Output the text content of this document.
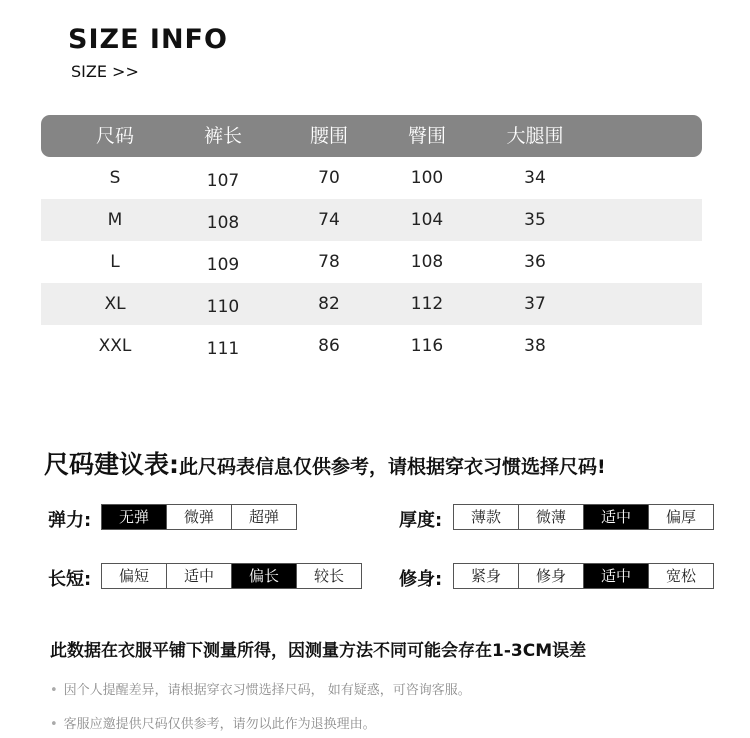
SIZE INFO
SIZE >>
尺码	裤长	腰围	臀围	大腿围
S	107	70	100	34
M	108	74	104	35
L	109	78	108	36
XL	110	82	112	37
XXL	111	86	116	38
尺码建议表:此尺码表信息仅供参考，请根据穿衣习惯选择尺码!
弹力:	无弹	微弹	超弹	厚度:	薄款	微薄	适中	偏厚
长短:	偏短	适中	偏长	较长	修身:	紧身	修身	适中	宽松
此数据在衣服平铺下测量所得，因测量方法不同可能会存在1-3CM误差
• 因个人提醒差异，请根据穿衣习惯选择尺码， 如有疑惑，可咨询客服。
• 客服应邀提供尺码仅供参考，请勿以此作为退换理由。
